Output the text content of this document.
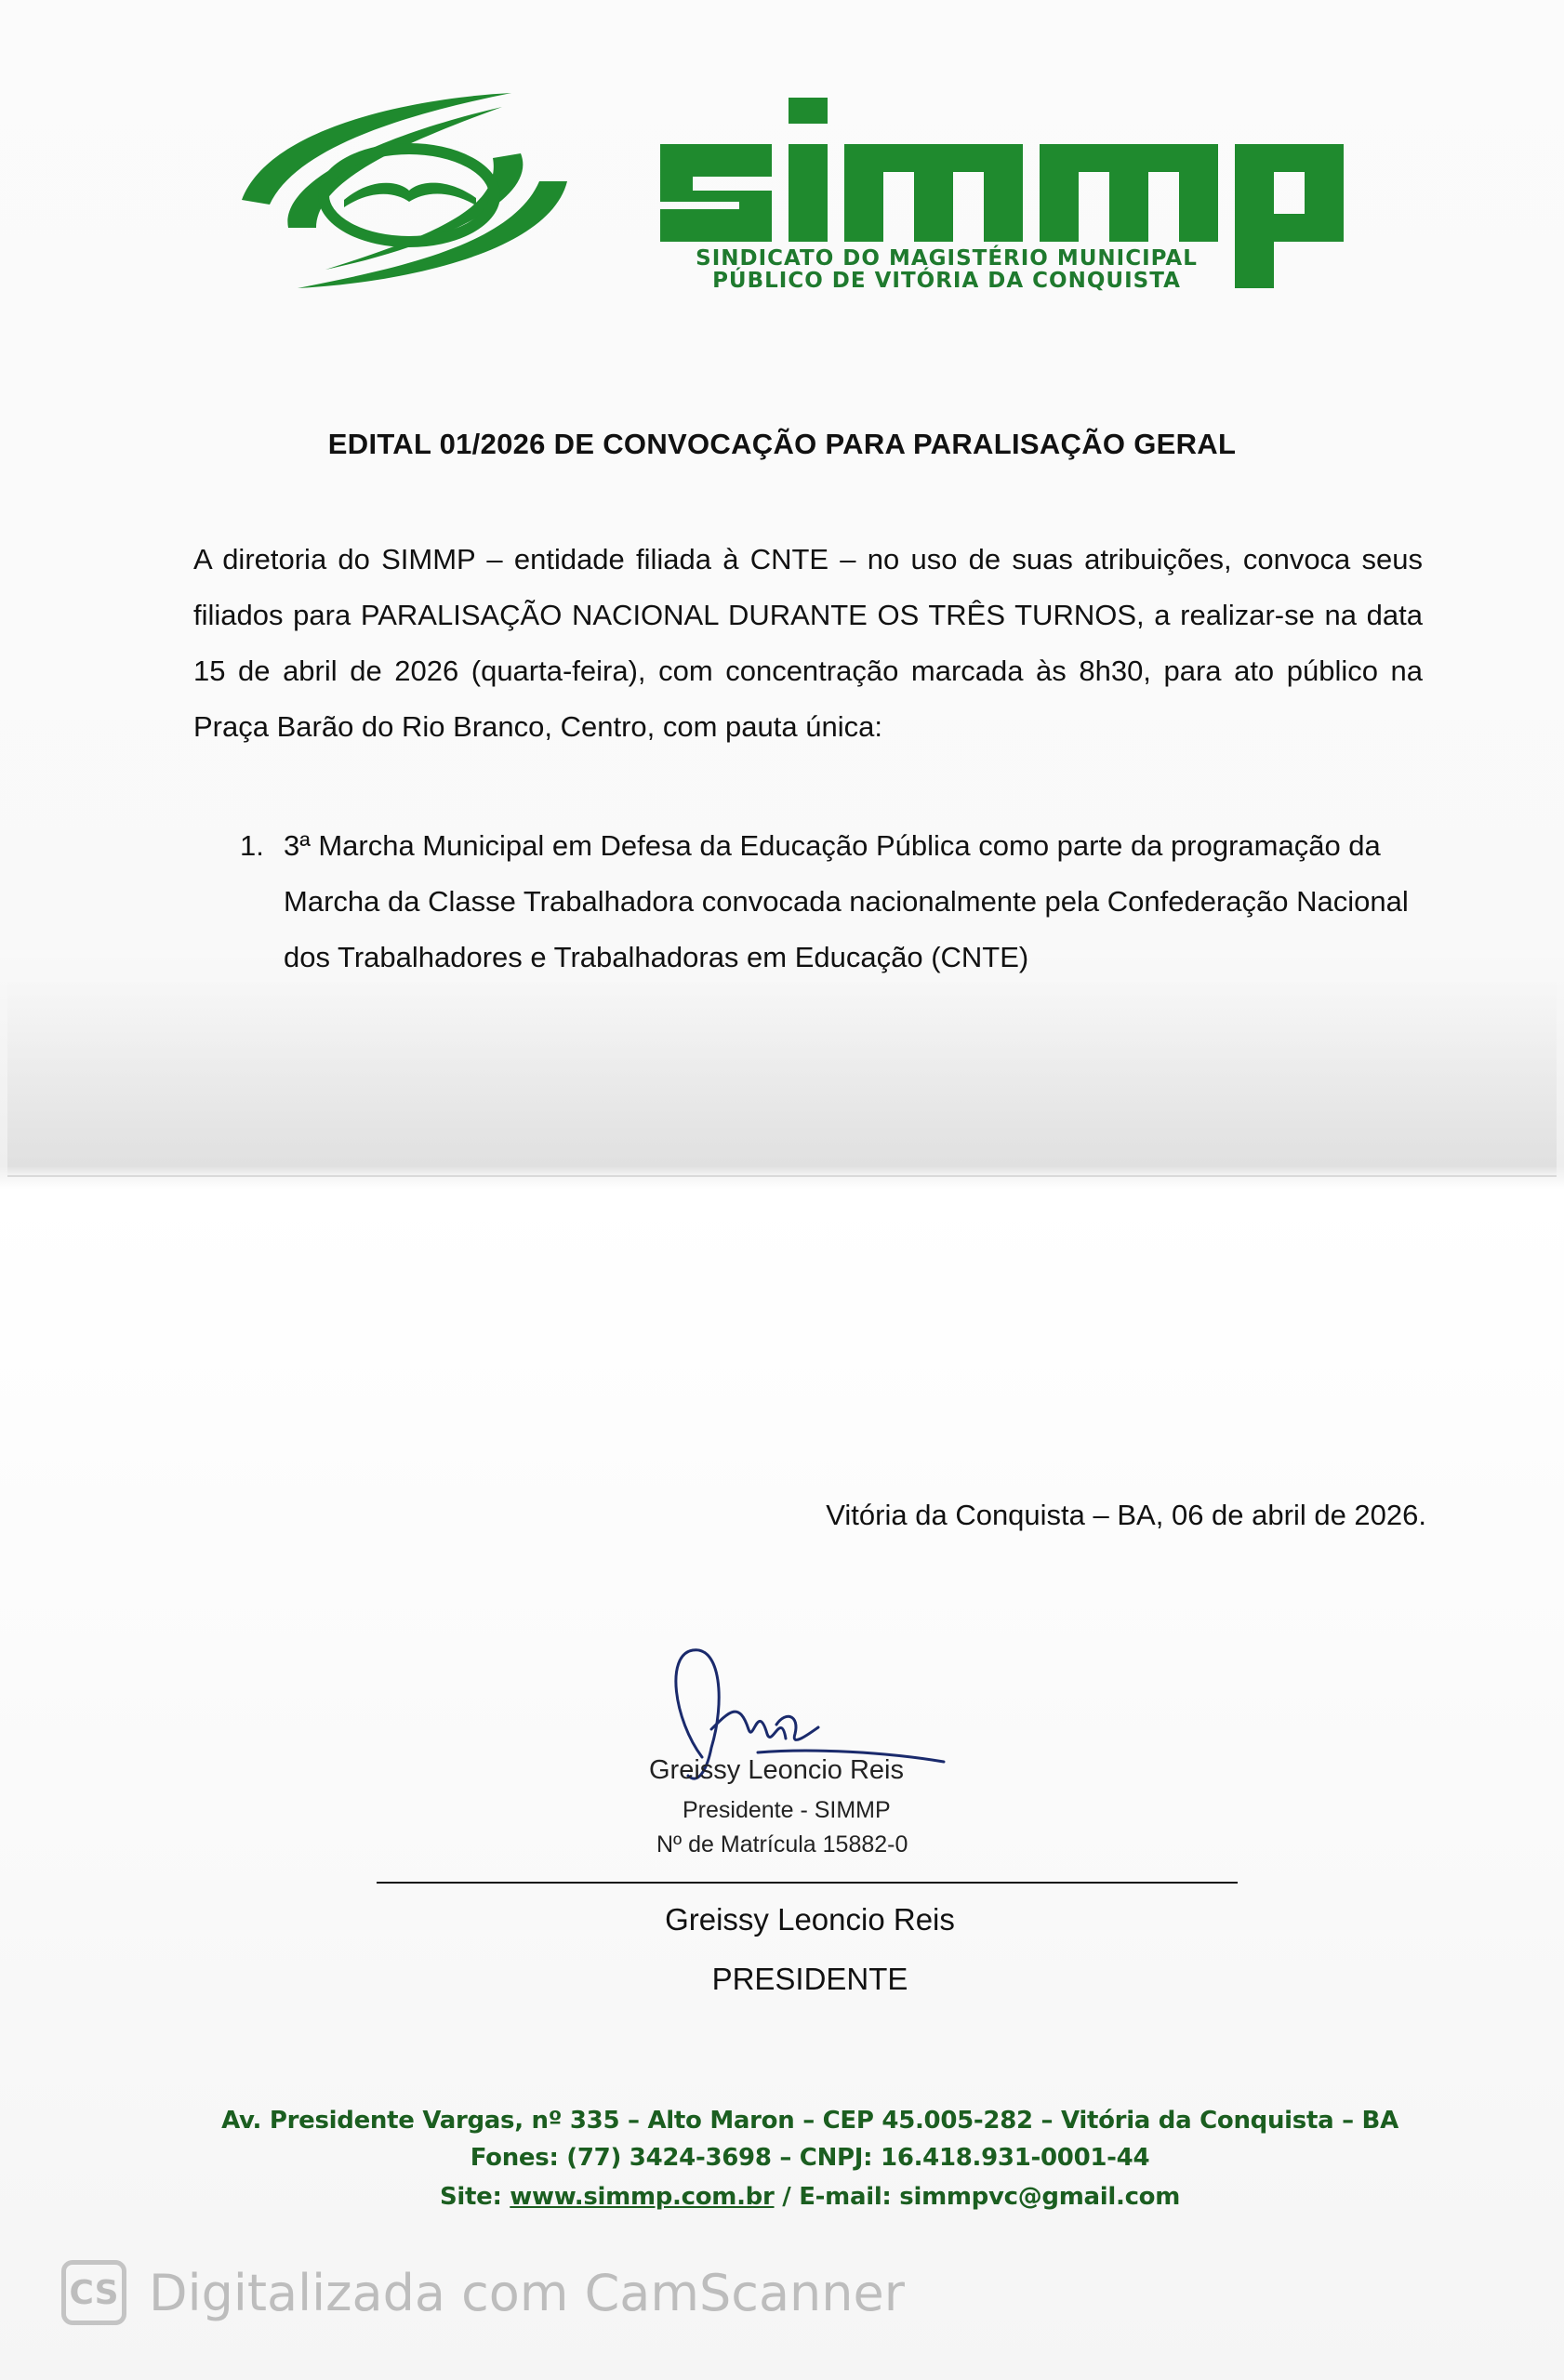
SINDICATO DO MAGISTÉRIO MUNICIPAL
PÚBLICO DE VITÓRIA DA CONQUISTA
EDITAL 01/2026 DE CONVOCAÇÃO PARA PARALISAÇÃO GERAL
A diretoria do SIMMP – entidade filiada à CNTE – no uso de suas atribuições, convoca seus filiados para PARALISAÇÃO NACIONAL DURANTE OS TRÊS TURNOS, a realizar-se na data 15 de abril de 2026 (quarta-feira), com concentração marcada às 8h30, para ato público na Praça Barão do Rio Branco, Centro, com pauta única:
1. 3ª Marcha Municipal em Defesa da Educação Pública como parte da programação da Marcha da Classe Trabalhadora convocada nacionalmente pela Confederação Nacional dos Trabalhadores e Trabalhadoras em Educação (CNTE)
Vitória da Conquista – BA, 06 de abril de 2026.
Greissy Leoncio Reis
Presidente - SIMMP
Nº de Matrícula 15882-0
Greissy Leoncio Reis
PRESIDENTE
Av. Presidente Vargas, nº 335 – Alto Maron – CEP 45.005-282 – Vitória da Conquista – BA
Fones: (77) 3424-3698 – CNPJ: 16.418.931-0001-44
Site: www.simmp.com.br / E-mail: simmpvc@gmail.com
CS Digitalizada com CamScanner
